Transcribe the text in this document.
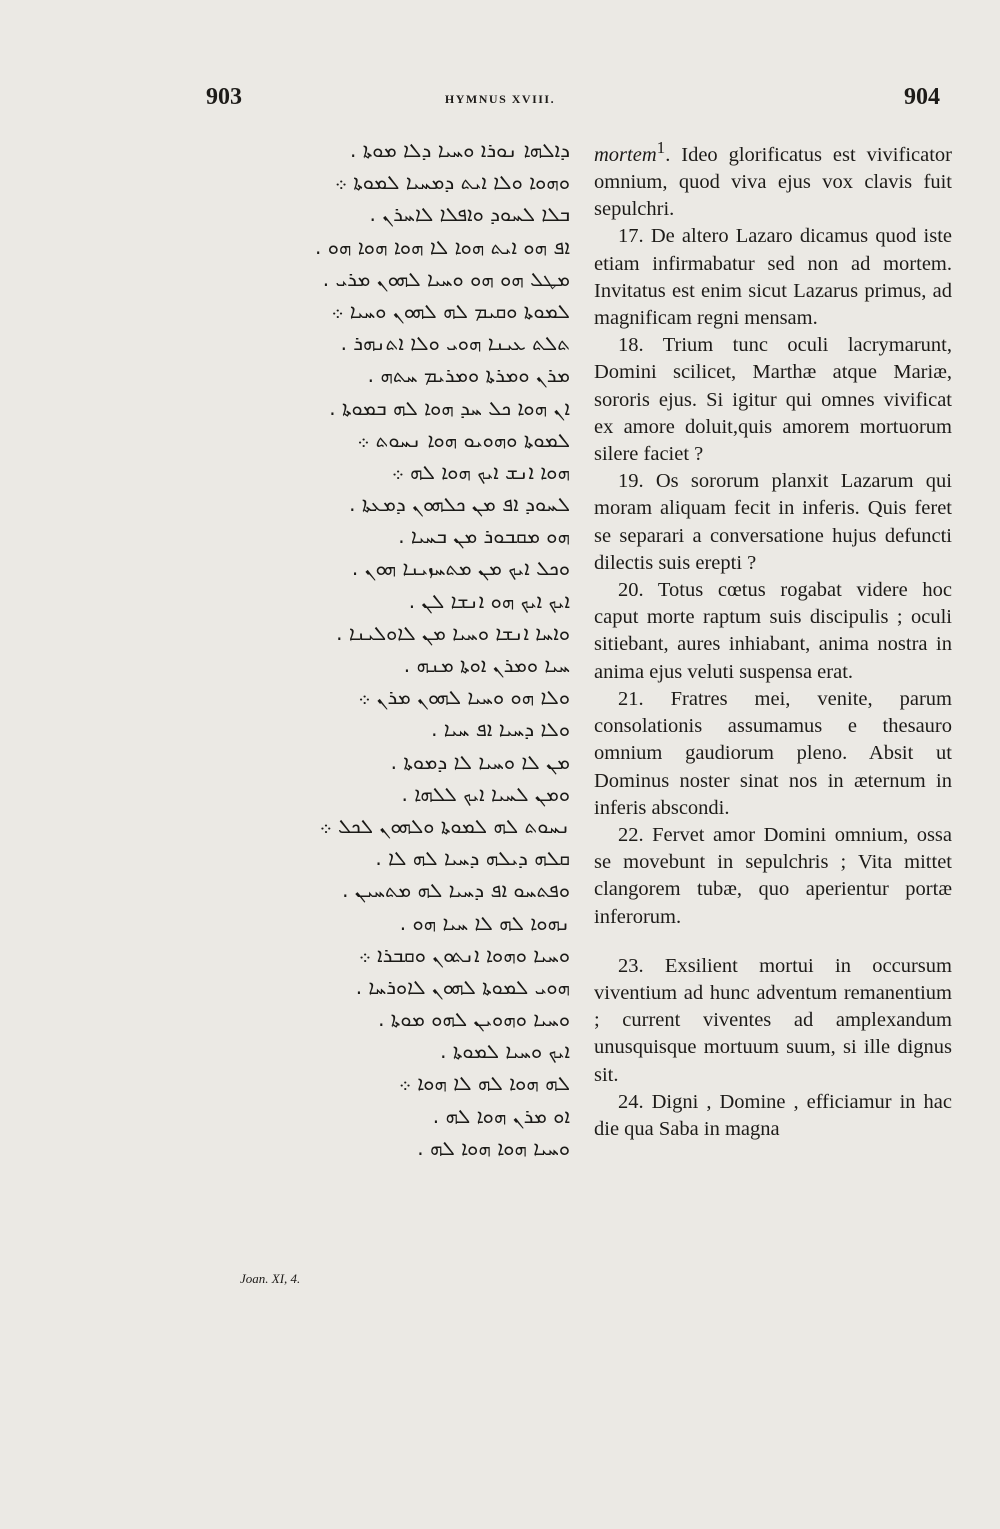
903	HYMNUS XVIII.	904
ܕܐܠܗܐ ܢܘܪܐ ܘܚܝܐ ܕܠܐ ܡܘܬܐ .
ܘܗܘܐ ܘܠܐ ܐܝܬ ܕܡܚܝܐ ܠܡܘܬܐ ܀
ܒܠܐ ܠܚܘܕ ܘܐܦܠܐ ܠܐܚܪܢ .
ܐܦ ܗܘ ܐܝܬ ܗܘܐ ܠܐ ܗܘܐ ܗܘܐ ܗܘ .
ܡܛܠ ܗܘ ܗܘ ܘܚܝܐ ܠܗܘܢ ܡܪܝ .
ܠܡܘܬܐ ܘܩܝܡ ܠܗ ܠܗܘܢ ܘܚܝܐ ܀
ܬܠܬ ܥܝܢܐ ܗܘܝ ܘܠܐ ܐܬܢܗܪ .
ܡܪܢ ܘܡܪܬܐ ܘܡܪܝܡ ܚܬܗ .
ܐܢ ܗܘܐ ܟܠ ܚܕ ܗܘܐ ܠܗ ܒܡܘܬܐ .
ܠܡܘܬܐ ܘܗܘܝܘ ܗܘܐ ܢܚܘܬ ܀
ܗܘܐ ܐܢܫ ܐܝܟ ܗܘܐ ܠܗ ܀
ܠܚܘܕ ܐܦ ܡܢ ܟܠܗܘܢ ܕܡܥܬܐ .
ܗܘ ܡܩܒܘܪ ܡܢ ܒܚܝܐ .
ܘܟܠ ܐܝܟ ܡܢ ܡܬܚܙܝܢܐ ܗܘܢ .
ܐܝܟ ܐܝܟ ܗܘ ܐܢܫܐ ܠܢ .
ܘܐܚܐ ܐܢܫܐ ܘܚܝܐ ܡܢ ܠܐܘܠܝܢܐ .
ܚܝܐ ܘܡܪܢ ܐܘܬܐ ܡܢܗ .
ܘܠܐ ܗܘ ܘܚܝܐ ܠܗܘܢ ܡܪܢ ܀
ܘܠܐ ܕܚܝܐ ܐܦ ܚܝܐ .
ܡܢ ܠܐ ܘܚܝܐ ܠܐ ܕܡܘܬܐ .
ܘܡܢ ܠܚܝܐ ܐܝܟ ܠܠܗܐ .
ܢܚܘܬ ܠܗ ܠܡܘܬܐ ܘܠܗܘܢ ܠܟܠ ܀
ܩܠܗ ܕܝܠܗ ܕܚܝܐ ܠܗ ܠܐ .
ܘܦܬܚܘ ܐܦ ܕܚܝܐ ܠܗ ܡܬܚܝܢ .
ܢܗܘܐ ܠܗ ܠܐ ܚܝܐ ܗܘ .
ܘܚܝܐ ܘܗܘܐ ܐܢܬܘܢ ܘܩܒܪܐ ܀
ܗܘܝ ܠܡܘܬܐ ܠܗܘܢ ܠܐܘܪܚܐ .
ܘܚܝܐ ܘܗܘܝܢ ܠܗܘ ܡܘܬܐ .
ܐܝܟ ܘܚܝܐ ܠܡܘܬܐ .
ܠܗ ܗܘܐ ܠܗ ܠܐ ܗܘܐ ܀
ܐܘ ܡܪܢ ܗܘܐ ܠܗ .
ܘܚܝܐ ܗܘܐ ܗܘܐ ܠܗ .
Joan. XI, 4.

mortem$^1$. Ideo glorificatus est vivificator omnium, quod viva ejus vox clavis fuit sepulchri.

17. De altero Lazaro dicamus quod iste etiam infirmabatur sed non ad mortem. Invitatus est enim sicut Lazarus primus, ad magnificam regni mensam.

18. Trium tunc oculi lacrymarunt, Domini scilicet, Marthæ atque Mariæ, sororis ejus. Si igitur qui omnes vivificat ex amore doluit,quis amorem mortuorum silere faciet ?

19. Os sororum planxit Lazarum qui moram aliquam fecit in inferis. Quis feret se separari a conversatione hujus defuncti dilectis suis erepti ?

20. Totus cœtus rogabat videre hoc caput morte raptum suis discipulis ; oculi sitiebant, aures inhiabant, anima nostra in anima ejus veluti suspensa erat.

21. Fratres mei, venite, parum consolationis assumamus e thesauro omnium gaudiorum pleno. Absit ut Dominus noster sinat nos in æternum in inferis abscondi.

22. Fervet amor Domini omnium, ossa se movebunt in sepulchris ; Vita mittet clangorem tubæ, quo aperientur portæ inferorum.

23. Exsilient mortui in occursum viventium ad hunc adventum remanentium ; current viventes ad amplexandum unusquisque mortuum suum, si ille dignus sit.

24. Digni , Domine , efficiamur in hac die qua Saba in magna
